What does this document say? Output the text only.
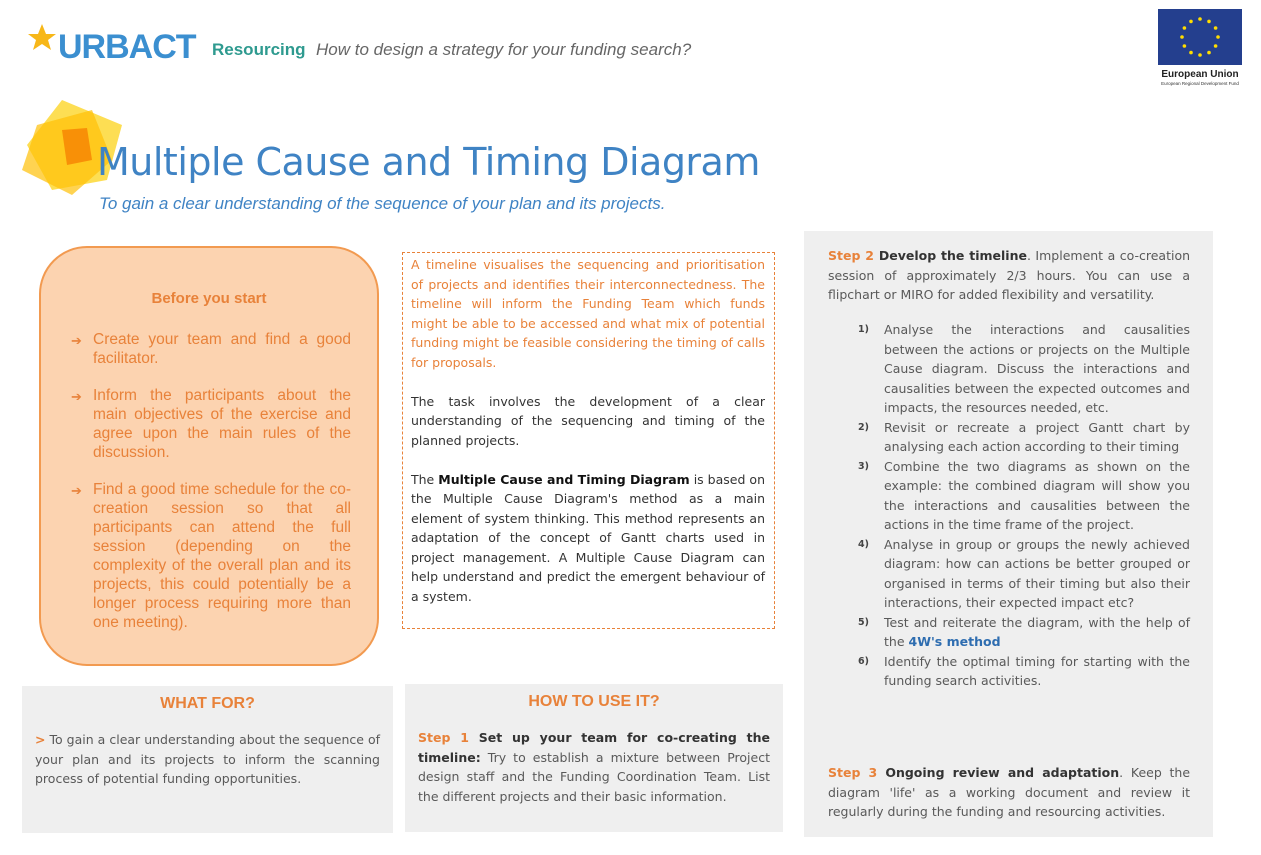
URBACT Resourcing How to design a strategy for your funding search?
European Union
European Regional Development Fund
Multiple Cause and Timing Diagram
To gain a clear understanding of the sequence of your plan and its projects.
Before you start
➔ Create your team and find a good facilitator.
➔ Inform the participants about the main objectives of the exercise and agree upon the main rules of the discussion.
➔ Find a good time schedule for the co-creation session so that all participants can attend the full session (depending on the complexity of the overall plan and its projects, this could potentially be a longer process requiring more than one meeting).

A timeline visualises the sequencing and prioritisation of projects and identifies their interconnectedness. The timeline will inform the Funding Team which funds might be able to be accessed and what mix of potential funding might be feasible considering the timing of calls for proposals.

The task involves the development of a clear understanding of the sequencing and timing of the planned projects.

The Multiple Cause and Timing Diagram is based on the Multiple Cause Diagram's method as a main element of system thinking. This method represents an adaptation of the concept of Gantt charts used in project management. A Multiple Cause Diagram can help understand and predict the emergent behaviour of a system.

WHAT FOR?
> To gain a clear understanding about the sequence of your plan and its projects to inform the scanning process of potential funding opportunities.
HOW TO USE IT?
Step 1 Set up your team for co-creating the timeline: Try to establish a mixture between Project design staff and the Funding Coordination Team. List the different projects and their basic information.
Step 2 Develop the timeline. Implement a co-creation session of approximately 2/3 hours. You can use a flipchart or MIRO for added flexibility and versatility.
1) Analyse the interactions and causalities between the actions or projects on the Multiple Cause diagram. Discuss the interactions and causalities between the expected outcomes and impacts, the resources needed, etc.
2) Revisit or recreate a project Gantt chart by analysing each action according to their timing
3) Combine the two diagrams as shown on the example: the combined diagram will show you the interactions and causalities between the actions in the time frame of the project.
4) Analyse in group or groups the newly achieved diagram: how can actions be better grouped or organised in terms of their timing but also their interactions, their expected impact etc?
5) Test and reiterate the diagram, with the help of the 4W's method
6) Identify the optimal timing for starting with the funding search activities.
Step 3 Ongoing review and adaptation. Keep the diagram 'life' as a working document and review it regularly during the funding and resourcing activities.
